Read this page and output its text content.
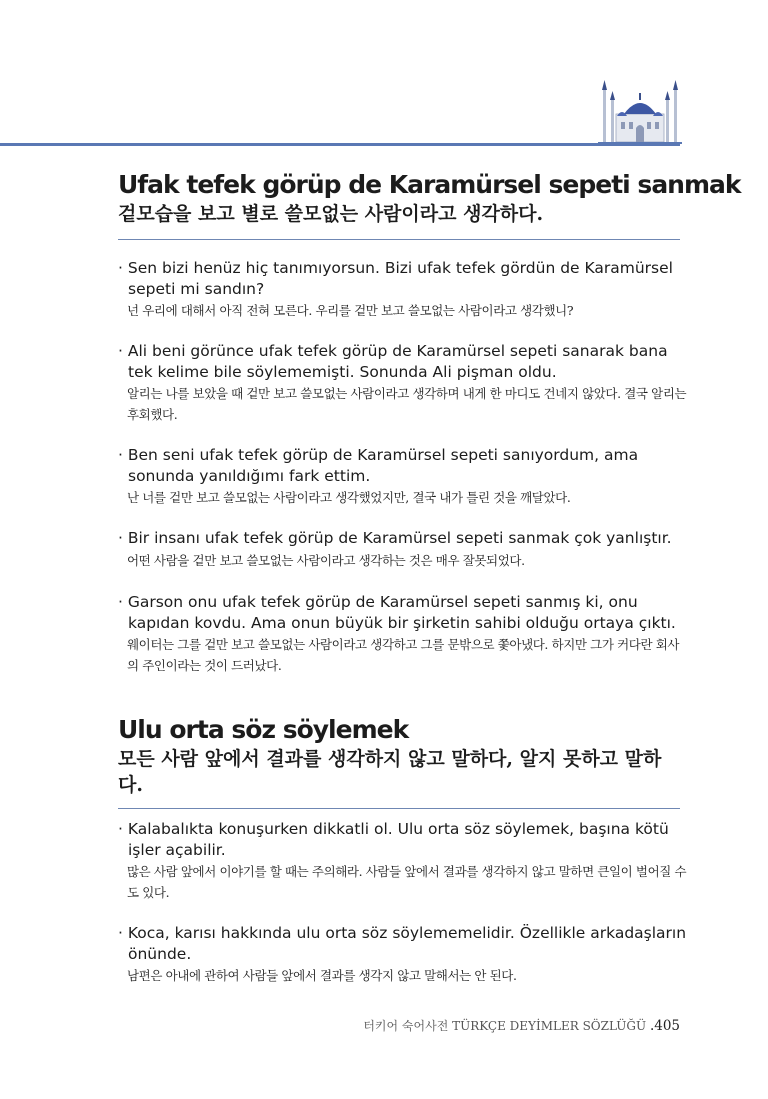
Ufak tefek görüp de Karamürsel sepeti sanmak

겉모습을 보고 별로 쓸모없는 사람이라고 생각하다.

· Sen bizi henüz hiç tanımıyorsun. Bizi ufak tefek gördün de Karamürsel sepeti mi sandın?

넌 우리에 대해서 아직 전혀 모른다. 우리를 겉만 보고 쓸모없는 사람이라고 생각했니?

· Ali beni görünce ufak tefek görüp de Karamürsel sepeti sanarak bana tek kelime bile söylememişti. Sonunda Ali pişman oldu.

알리는 나를 보았을 때 겉만 보고 쓸모없는 사람이라고 생각하며 내게 한 마디도 건네지 않았다. 결국 알리는 후회했다.

· Ben seni ufak tefek görüp de Karamürsel sepeti sanıyordum, ama sonunda yanıldığımı fark ettim.

난 너를 겉만 보고 쓸모없는 사람이라고 생각했었지만, 결국 내가 틀린 것을 깨달았다.

· Bir insanı ufak tefek görüp de Karamürsel sepeti sanmak çok yanlıştır.

어떤 사람을 겉만 보고 쓸모없는 사람이라고 생각하는 것은 매우 잘못되었다.

· Garson onu ufak tefek görüp de Karamürsel sepeti sanmış ki, onu kapıdan kovdu. Ama onun büyük bir şirketin sahibi olduğu ortaya çıktı.

웨이터는 그를 겉만 보고 쓸모없는 사람이라고 생각하고 그를 문밖으로 쫓아냈다. 하지만 그가 커다란 회사의 주인이라는 것이 드러났다.

Ulu orta söz söylemek

모든 사람 앞에서 결과를 생각하지 않고 말하다, 알지 못하고 말하다.

· Kalabalıkta konuşurken dikkatli ol. Ulu orta söz söylemek, başına kötü işler açabilir.

많은 사람 앞에서 이야기를 할 때는 주의해라. 사람들 앞에서 결과를 생각하지 않고 말하면 큰일이 벌어질 수도 있다.

· Koca, karısı hakkında ulu orta söz söylememelidir. Özellikle arkadaşların önünde.

남편은 아내에 관하여 사람들 앞에서 결과를 생각지 않고 말해서는 안 된다.

터키어 숙어사전 TÜRKÇE DEYİMLER SÖZLÜĞÜ .405
